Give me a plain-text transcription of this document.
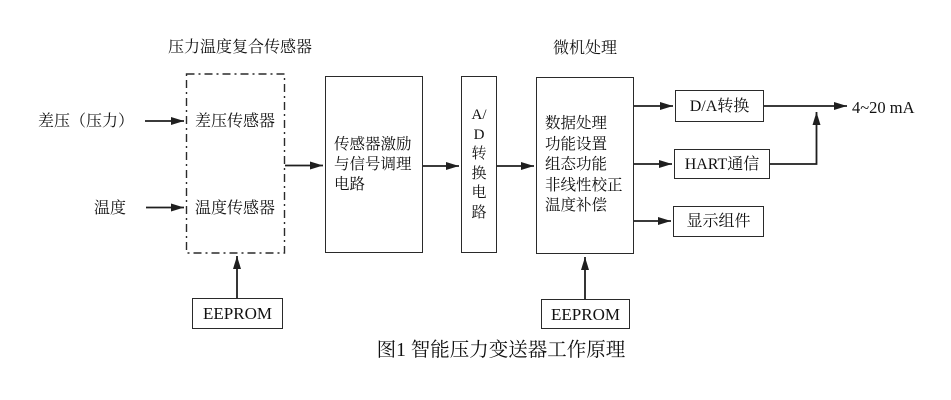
压力温度复合传感器	微机处理
差压（压力）
温度
差压传感器
温度传感器
4~20 mA
图1 智能压力变送器工作原理
传感器激励
与信号调理
电路
A/
D
转
换
电
路
数据处理
功能设置
组态功能
非线性校正
温度补偿
D/A转换
HART通信
显示组件
EEPROM	EEPROM
